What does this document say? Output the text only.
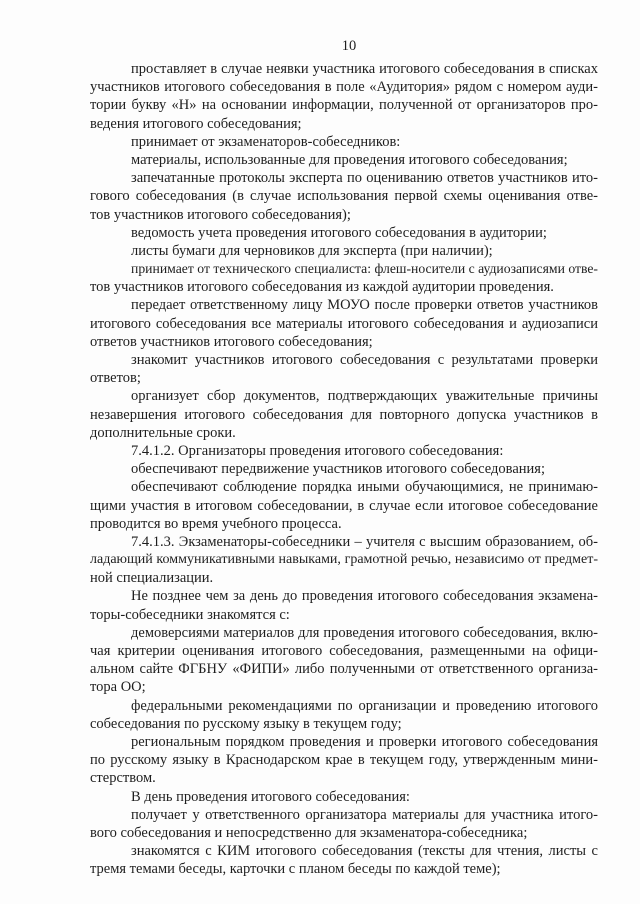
10
проставляет в случае неявки участника итогового собеседования в списках
участников итогового собеседования в поле «Аудитория» рядом с номером ауди-
тории букву «Н» на основании информации, полученной от организаторов про-
ведения итогового собеседования;
принимает от экзаменаторов-собеседников:
материалы, использованные для проведения итогового собеседования;
запечатанные протоколы эксперта по оцениванию ответов участников ито-
гового собеседования (в случае использования первой схемы оценивания отве-
тов участников итогового собеседования);
ведомость учета проведения итогового собеседования в аудитории;
листы бумаги для черновиков для эксперта (при наличии);
принимает от технического специалиста: флеш-носители с аудиозаписями отве-
тов участников итогового собеседования из каждой аудитории проведения.
передает ответственному лицу МОУО после проверки ответов участников
итогового собеседования все материалы итогового собеседования и аудиозаписи
ответов участников итогового собеседования;
знакомит участников итогового собеседования с результатами проверки
ответов;
организует сбор документов, подтверждающих уважительные причины
незавершения итогового собеседования для повторного допуска участников в
дополнительные сроки.
7.4.1.2. Организаторы проведения итогового собеседования:
обеспечивают передвижение участников итогового собеседования;
обеспечивают соблюдение порядка иными обучающимися, не принимаю-
щими участия в итоговом собеседовании, в случае если итоговое собеседование
проводится во время учебного процесса.
7.4.1.3. Экзаменаторы-собеседники – учителя с высшим образованием, об-
ладающий коммуникативными навыками, грамотной речью, независимо от предмет-
ной специализации.
Не позднее чем за день до проведения итогового собеседования экзамена-
торы-собеседники знакомятся с:
демоверсиями материалов для проведения итогового собеседования, вклю-
чая критерии оценивания итогового собеседования, размещенными на офици-
альном сайте ФГБНУ «ФИПИ» либо полученными от ответственного организа-
тора ОО;
федеральными рекомендациями по организации и проведению итогового
собеседования по русскому языку в текущем году;
региональным порядком проведения и проверки итогового собеседования
по русскому языку в Краснодарском крае в текущем году, утвержденным мини-
стерством.
В день проведения итогового собеседования:
получает у ответственного организатора материалы для участника итого-
вого собеседования и непосредственно для экзаменатора-собеседника;
знакомятся с КИМ итогового собеседования (тексты для чтения, листы с
тремя темами беседы, карточки с планом беседы по каждой теме);
